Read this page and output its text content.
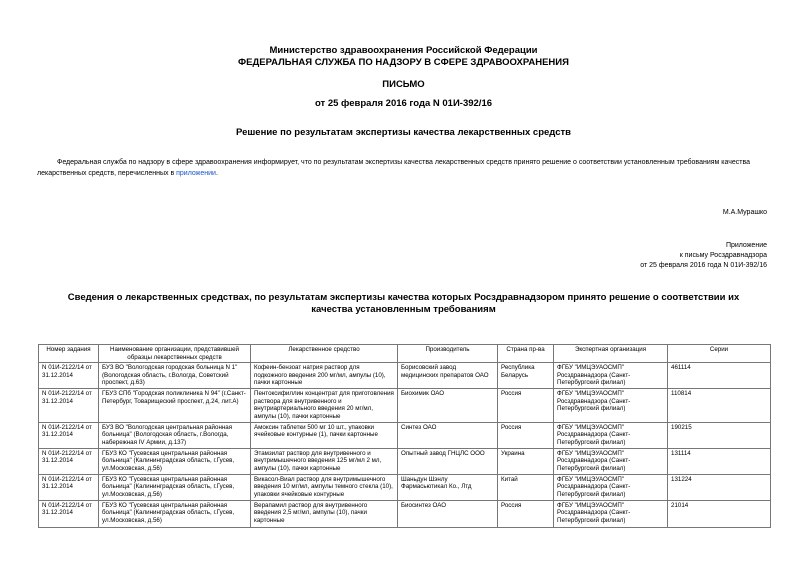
Министерство здравоохранения Российской Федерации
ФЕДЕРАЛЬНАЯ СЛУЖБА ПО НАДЗОРУ В СФЕРЕ ЗДРАВООХРАНЕНИЯ
ПИСЬМО
от 25 февраля 2016 года N 01И-392/16
Решение по результатам экспертизы качества лекарственных средств
Федеральная служба по надзору в сфере здравоохранения информирует, что по результатам экспертизы качества лекарственных средств принято решение о соответствии установленным требованиям качества лекарственных средств, перечисленных в приложении.
М.А.Мурашко
Приложение
к письму Росздравнадзора
от 25 февраля 2016 года N 01И-392/16
Сведения о лекарственных средствах, по результатам экспертизы качества которых Росздравнадзором принято решение о соответствии их качества установленным требованиям
Номер задания	Наименование организации, представившей образцы лекарственных средств	Лекарственное средство	Производитель	Страна пр-ва	Экспертная организация	Серии
N 01И-2122/14 от 31.12.2014	БУЗ ВО "Вологодская городская больница N 1" (Вологодская область, г.Вологда, Советский проспект, д.63)	Кофеин-бензоат натрия раствор для подкожного введения 200 мг/мл, ампулы (10), пачки картонные	Борисовский завод медицинских препаратов ОАО	Республика Беларусь	ФГБУ "ИМЦЭУАОСМП" Росздравнадзора (Санкт-Петербургский филиал)	461114
N 01И-2122/14 от 31.12.2014	ГБУЗ СПб "Городская поликлиника N 94" (г.Санкт-Петербург, Товарищеский проспект, д.24, лит.А)	Пентоксифиллин концентрат для приготовления раствора для внутривенного и внутриартериального введения 20 мг/мл, ампулы (10), пачки картонные	Биохимик ОАО	Россия	ФГБУ "ИМЦЭУАОСМП" Росздравнадзора (Санкт-Петербургский филиал)	110814
N 01И-2122/14 от 31.12.2014	БУЗ ВО "Вологодская центральная районная больница" (Вологодская область, г.Вологда, набережная IV Армии, д.137)	Амоксин таблетки 500 мг 10 шт., упаковки ячейковые контурные (1), пачки картонные	Синтез ОАО	Россия	ФГБУ "ИМЦЭУАОСМП" Росздравнадзора (Санкт-Петербургский филиал)	190215
N 01И-2122/14 от 31.12.2014	ГБУЗ КО "Гусевская центральная районная больница" (Калининградская область, г.Гусев, ул.Московская, д.56)	Этамзилат раствор для внутривенного и внутримышечного введения 125 мг/мл 2 мл, ампулы (10), пачки картонные	Опытный завод ГНЦЛС ООО	Украина	ФГБУ "ИМЦЭУАОСМП" Росздравнадзора (Санкт-Петербургский филиал)	131114
N 01И-2122/14 от 31.12.2014	ГБУЗ КО "Гусевская центральная районная больница" (Калининградская область, г.Гусев, ул.Московская, д.56)	Викасол-Виал раствор для внутримышечного введения 10 мг/мл, ампулы темного стекла (10), упаковки ячейковые контурные	Шаньдун Шэнлу Фармасьютикал Ко., Лтд	Китай	ФГБУ "ИМЦЭУАОСМП" Росздравнадзора (Санкт-Петербургский филиал)	131224
N 01И-2122/14 от 31.12.2014	ГБУЗ КО "Гусевская центральная районная больница" (Калининградская область, г.Гусев, ул.Московская, д.56)	Верапамил раствор для внутривенного введения 2,5 мг/мл, ампулы (10), пачки картонные	Биосинтез ОАО	Россия	ФГБУ "ИМЦЭУАОСМП" Росздравнадзора (Санкт-Петербургский филиал)	21014
